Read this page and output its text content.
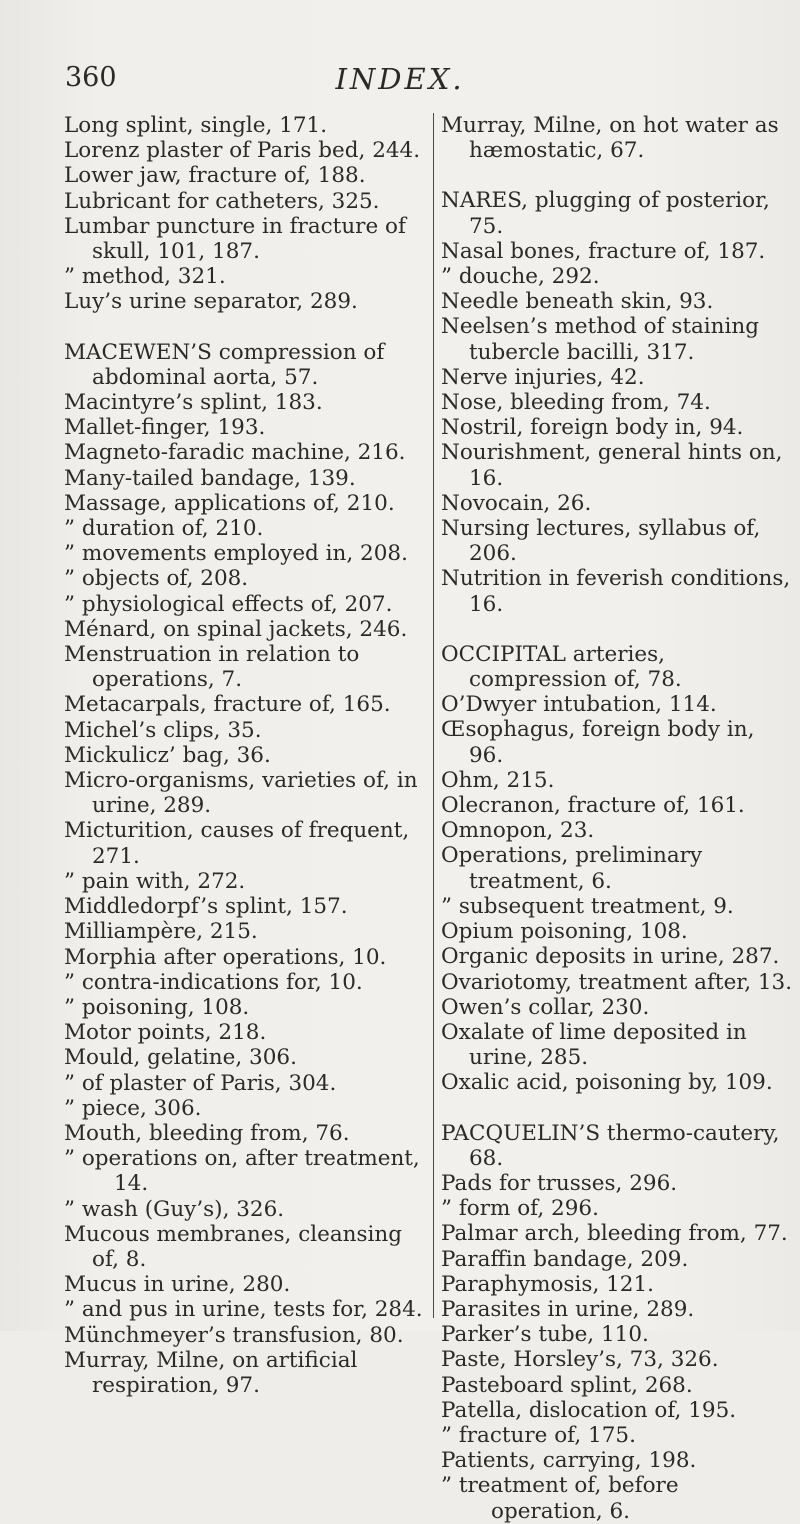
360	INDEX.
Long splint, single, 171.
Lorenz plaster of Paris bed, 244.
Lower jaw, fracture of, 188.
Lubricant for catheters, 325.
Lumbar puncture in fracture of skull, 101, 187.
” method, 321.
Luy’s urine separator, 289.
MACEWEN’S compression of abdominal aorta, 57.
Macintyre’s splint, 183.
Mallet-finger, 193.
Magneto-faradic machine, 216.
Many-tailed bandage, 139.
Massage, applications of, 210.
” duration of, 210.
” movements employed in, 208.
” objects of, 208.
” physiological effects of, 207.
Ménard, on spinal jackets, 246.
Menstruation in relation to operations, 7.
Metacarpals, fracture of, 165.
Michel’s clips, 35.
Mickulicz’ bag, 36.
Micro-organisms, varieties of, in urine, 289.
Micturition, causes of frequent, 271.
” pain with, 272.
Middledorpf’s splint, 157.
Milliampère, 215.
Morphia after operations, 10.
” contra-indications for, 10.
” poisoning, 108.
Motor points, 218.
Mould, gelatine, 306.
” of plaster of Paris, 304.
” piece, 306.
Mouth, bleeding from, 76.
” operations on, after treatment, 14.
” wash (Guy’s), 326.
Mucous membranes, cleansing of, 8.
Mucus in urine, 280.
” and pus in urine, tests for, 284.
Münchmeyer’s transfusion, 80.
Murray, Milne, on artificial respiration, 97.
Murray, Milne, on hot water as hæmostatic, 67.
NARES, plugging of posterior, 75.
Nasal bones, fracture of, 187.
” douche, 292.
Needle beneath skin, 93.
Neelsen’s method of staining tubercle bacilli, 317.
Nerve injuries, 42.
Nose, bleeding from, 74.
Nostril, foreign body in, 94.
Nourishment, general hints on, 16.
Novocain, 26.
Nursing lectures, syllabus of, 206.
Nutrition in feverish conditions, 16.
OCCIPITAL arteries, compression of, 78.
O’Dwyer intubation, 114.
Œsophagus, foreign body in, 96.
Ohm, 215.
Olecranon, fracture of, 161.
Omnopon, 23.
Operations, preliminary treatment, 6.
” subsequent treatment, 9.
Opium poisoning, 108.
Organic deposits in urine, 287.
Ovariotomy, treatment after, 13.
Owen’s collar, 230.
Oxalate of lime deposited in urine, 285.
Oxalic acid, poisoning by, 109.
PACQUELIN’S thermo-cautery, 68.
Pads for trusses, 296.
” form of, 296.
Palmar arch, bleeding from, 77.
Paraffin bandage, 209.
Paraphymosis, 121.
Parasites in urine, 289.
Parker’s tube, 110.
Paste, Horsley’s, 73, 326.
Pasteboard splint, 268.
Patella, dislocation of, 195.
” fracture of, 175.
Patients, carrying, 198.
” treatment of, before operation, 6.
